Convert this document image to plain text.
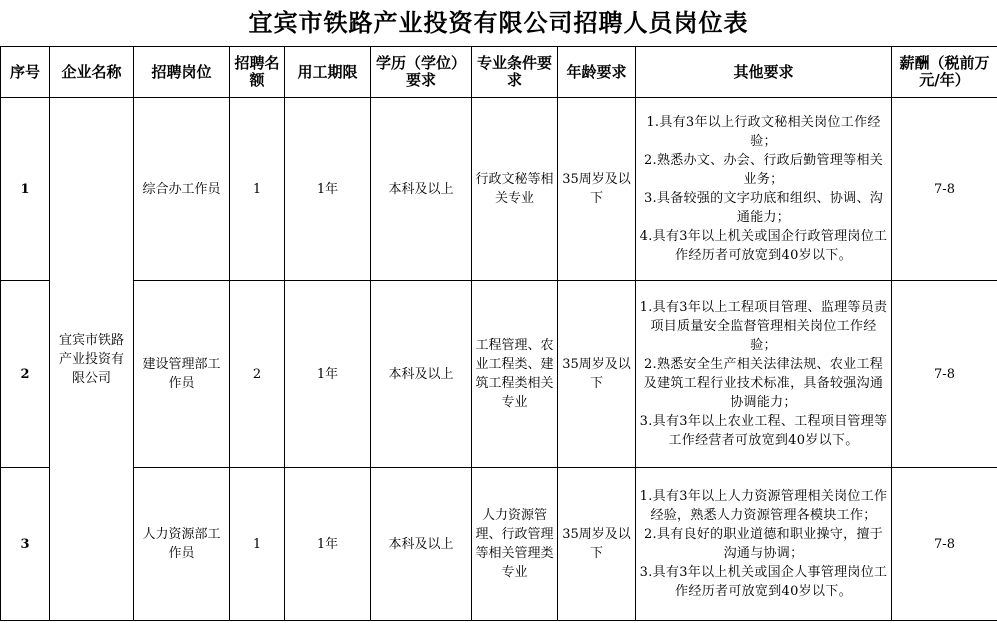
宜宾市铁路产业投资有限公司招聘人员岗位表
序号	企业名称	招聘岗位	招聘名额	用工期限	学历（学位）要求	专业条件要求	年龄要求	其他要求	薪酬（税前万元/年）
1	宜宾市铁路产业投资有限公司	综合办工作员	1	1年	本科及以上	行政文秘等相关专业	35周岁及以下	1.具有3年以上行政文秘相关岗位工作经验；
2.熟悉办文、办会、行政后勤管理等相关业务；
3.具备较强的文字功底和组织、协调、沟通能力；
4.具有3年以上机关或国企行政管理岗位工作经历者可放宽到40岁以下。	7-8
2		建设管理部工作员	2	1年	本科及以上	工程管理、农业工程类、建筑工程类相关专业	35周岁及以下	1.具有3年以上工程项目管理、监理等员责项目质量安全监督管理相关岗位工作经验；
2.熟悉安全生产相关法律法规、农业工程及建筑工程行业技术标准，具备较强沟通协调能力；
3.具有3年以上农业工程、工程项目管理等工作经营者可放宽到40岁以下。	7-8
3		人力资源部工作员	1	1年	本科及以上	人力资源管理、行政管理等相关管理类专业	35周岁及以下	1.具有3年以上人力资源管理相关岗位工作经验，熟悉人力资源管理各模块工作；
2.具有良好的职业道德和职业操守，擅于沟通与协调；
3.具有3年以上机关或国企人事管理岗位工作经历者可放宽到40岁以下。	7-8
